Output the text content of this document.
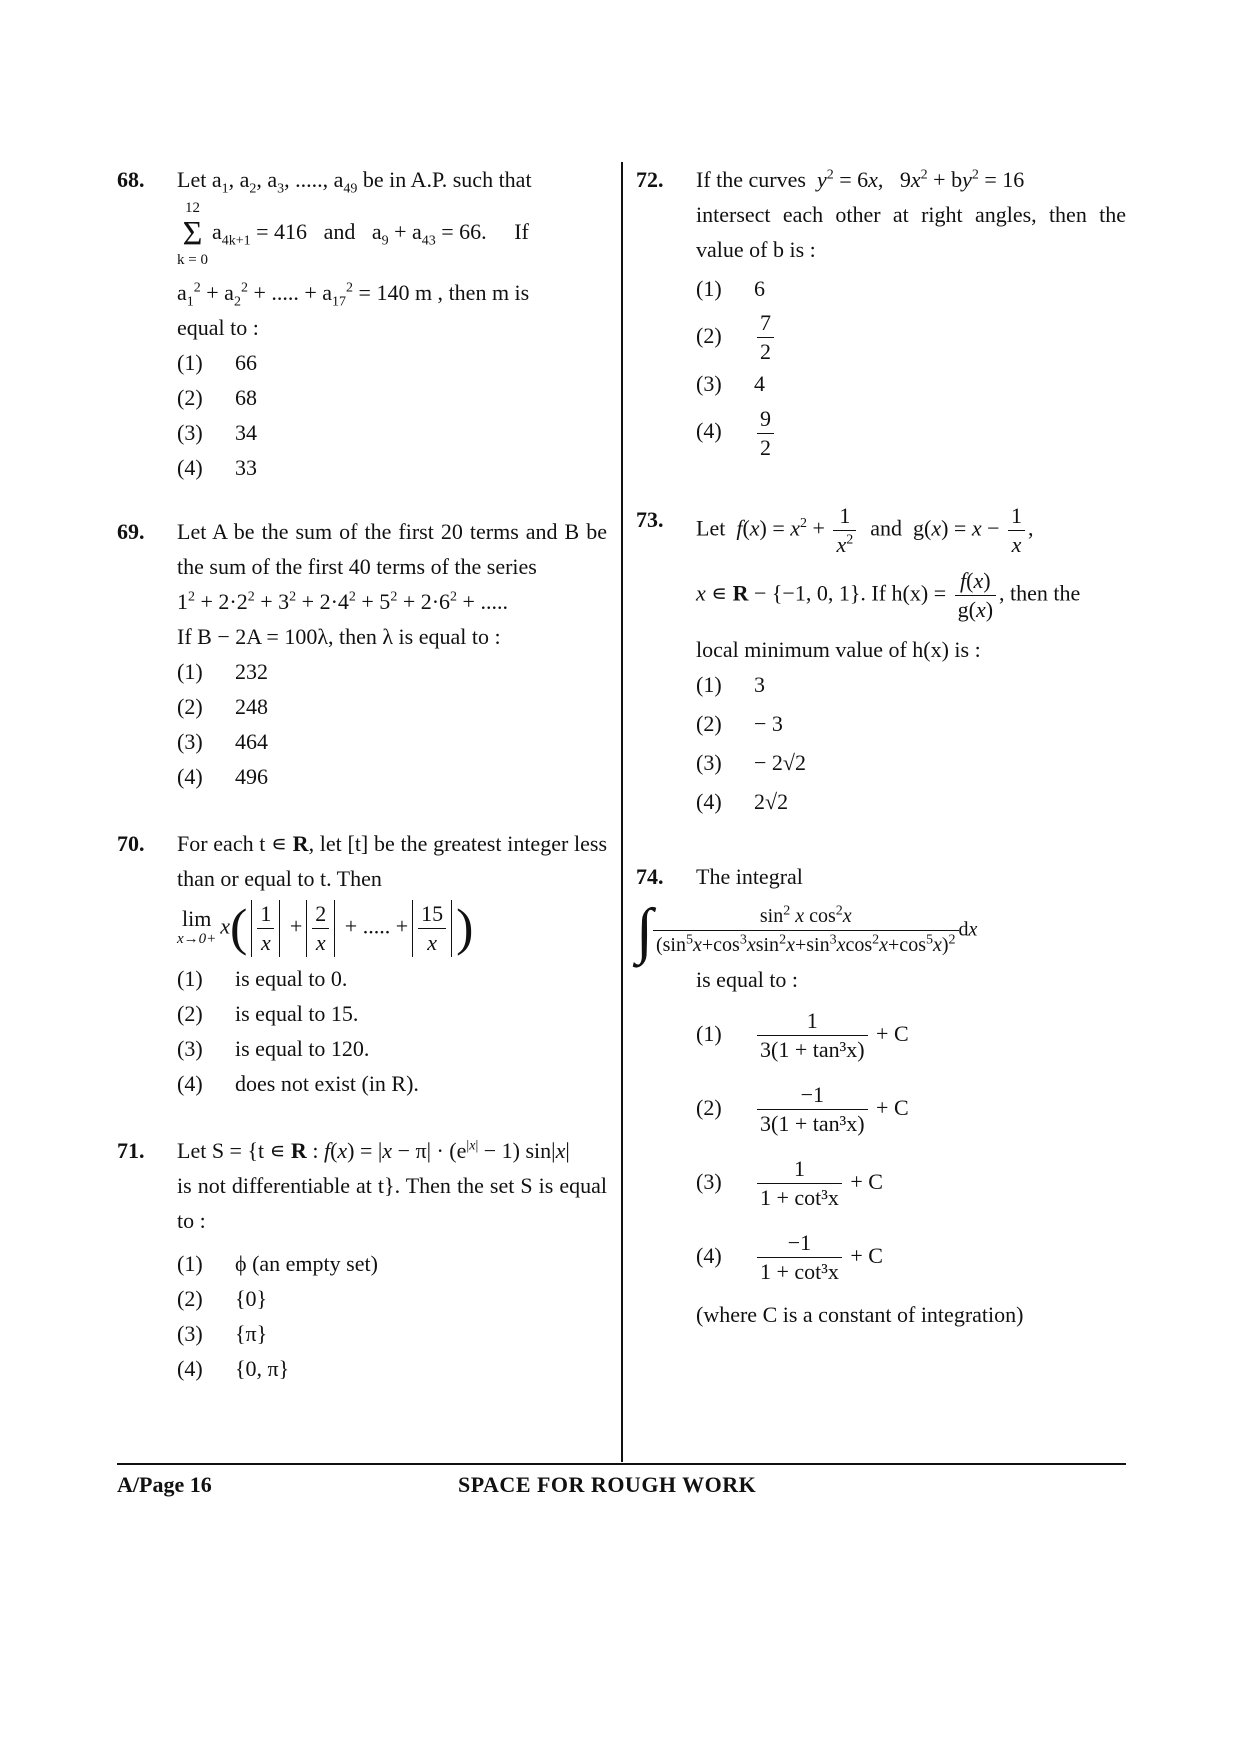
68. Let $a_1$, $a_2$, $a_3$, ....., $a_{49}$ be in A.P. such that
12
Σ
k = 0
$a_{4k+1} = 416$ and   $a_9 + a_{43} = 66$. If
$a_1^2 + a_2^2$ + ..... + $a_{17}^2 = 140$ m , then m is
equal to :
(1) 66
(2) 68
(3) 34
(4) 33
69. Let A be the sum of the first 20 terms and B be the sum of the first 40 terms of the series
$1^2 + 2\cdot 2^2 + 3^2 + 2\cdot 4^2 + 5^2 + 2\cdot 6^2$ + .....
If B − 2A = 100λ, then λ is equal to :
(1) 232
(2) 248
(3) 464
(4) 496
70. For each t ∊ R, let [t] be the greatest integer less than or equal to t. Then
lim
$x\to 0+ x( \frac{1}{x} + \frac{2}{x}$ + ..... + $\frac{15}{x}$ )
(1) is equal to 0.
(2) is equal to 15.
(3) is equal to 120.
(4) does not exist (in R).
71. Let S = {t ∊ R : $f(x) = |x - \pi| \cdot (e^{|x|} - 1)$ sin|x|
is not differentiable at t}. Then the set S is equal to :
(1) ϕ (an empty set)
(2) {0}
(3) {π}
(4) {0, π}
72. If the curves $y^2 = 6x$,   $9x^2 + by^2 = 16$
intersect each other at right angles, then the value of b is :
(1) 6
$(2) \frac{7}{2}$
(3) 4
$(4) \frac{9}{2}$
73. Let $f(x) = x^2 + \frac{1}{x^2}$ and  $g(x) = x - \frac{1}{x}$ ,
x ∊ R − {−1, 0, 1}. If $h(x) = \frac{f(x)}{g(x)}$ , then the
local minimum value of h(x) is :
(1) 3
(2) − 3
(3) − 2√2
(4) 2√2
74. The integral
∫ $\frac{\sin^2 x \cos^2x}{(\sin^5x+\cos^3xsin^2x+\sin^3xcos^2x+\cos^5x)^2}$ dx
is equal to :
$(1) \frac{1}{\text{3(1 + tan³x)}} + C$
$(2) \frac{-1}{\text{3(1 + tan³x)}} + C$
$(3) \frac{1}{\text{1 + cot³x}} + C$
$(4) \frac{-1}{\text{1 + cot³x}} + C$
(where C is a constant of integration)
A/Page 16	SPACE FOR ROUGH WORK
